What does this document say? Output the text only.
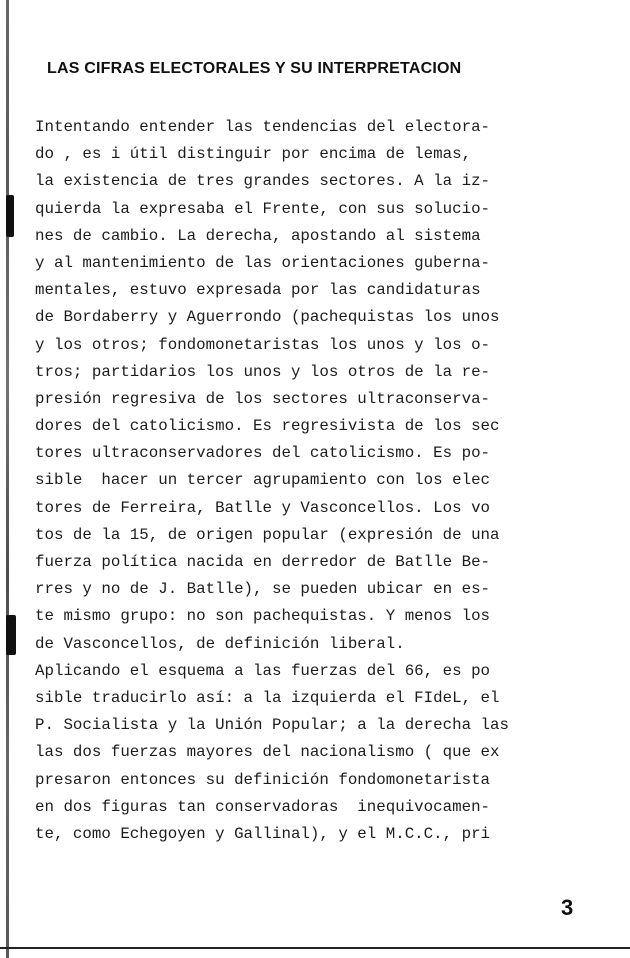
LAS CIFRAS ELECTORALES Y SU INTERPRETACION
Intentando entender las tendencias del electora-
do , es i útil distinguir por encima de lemas,
la existencia de tres grandes sectores. A la iz-
quierda la expresaba el Frente, con sus solucio-
nes de cambio. La derecha, apostando al sistema
y al mantenimiento de las orientaciones guberna-
mentales, estuvo expresada por las candidaturas
de Bordaberry y Aguerrondo (pachequistas los unos
y los otros; fondomonetaristas los unos y los o-
tros; partidarios los unos y los otros de la re-
presión regresiva de los sectores ultraconserva-
dores del catolicismo. Es regresivista de los sec
tores ultraconservadores del catolicismo. Es po-
sible  hacer un tercer agrupamiento con los elec
tores de Ferreira, Batlle y Vasconcellos. Los vo
tos de la 15, de origen popular (expresión de una
fuerza política nacida en derredor de Batlle Be-
rres y no de J. Batlle), se pueden ubicar en es-
te mismo grupo: no son pachequistas. Y menos los
de Vasconcellos, de definición liberal.
Aplicando el esquema a las fuerzas del 66, es po
sible traducirlo así: a la izquierda el FIdeL, el
P. Socialista y la Unión Popular; a la derecha las
las dos fuerzas mayores del nacionalismo ( que ex
presaron entonces su definición fondomonetarista
en dos figuras tan conservadoras  inequivocamen-
te, como Echegoyen y Gallinal), y el M.C.C., pri
3
